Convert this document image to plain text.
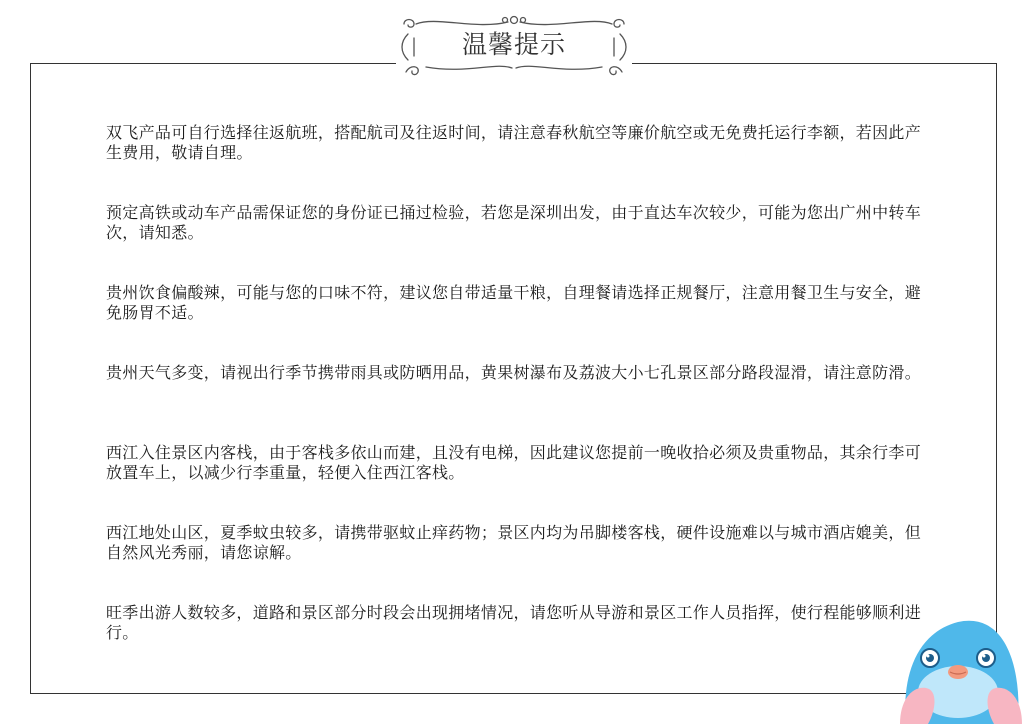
温馨提示
双飞产品可自行选择往返航班，搭配航司及往返时间，请注意春秋航空等廉价航空或无免费托运行李额，若因此产生费用，敬请自理。
预定高铁或动车产品需保证您的身份证已捅过检验，若您是深圳出发，由于直达车次较少，可能为您出广州中转车次，请知悉。
贵州饮食偏酸辣，可能与您的口味不符，建议您自带适量干粮，自理餐请选择正规餐厅，注意用餐卫生与安全，避免肠胃不适。
贵州天气多变，请视出行季节携带雨具或防晒用品，黄果树瀑布及荔波大小七孔景区部分路段湿滑，请注意防滑。
西江入住景区内客栈，由于客栈多依山而建，且没有电梯，因此建议您提前一晚收拾必须及贵重物品，其余行李可放置车上，以减少行李重量，轻便入住西江客栈。
西江地处山区，夏季蚊虫较多，请携带驱蚊止痒药物；景区内均为吊脚楼客栈，硬件设施难以与城市酒店媲美，但自然风光秀丽，请您谅解。
旺季出游人数较多，道路和景区部分时段会出现拥堵情况，请您听从导游和景区工作人员指挥，使行程能够顺利进行。
